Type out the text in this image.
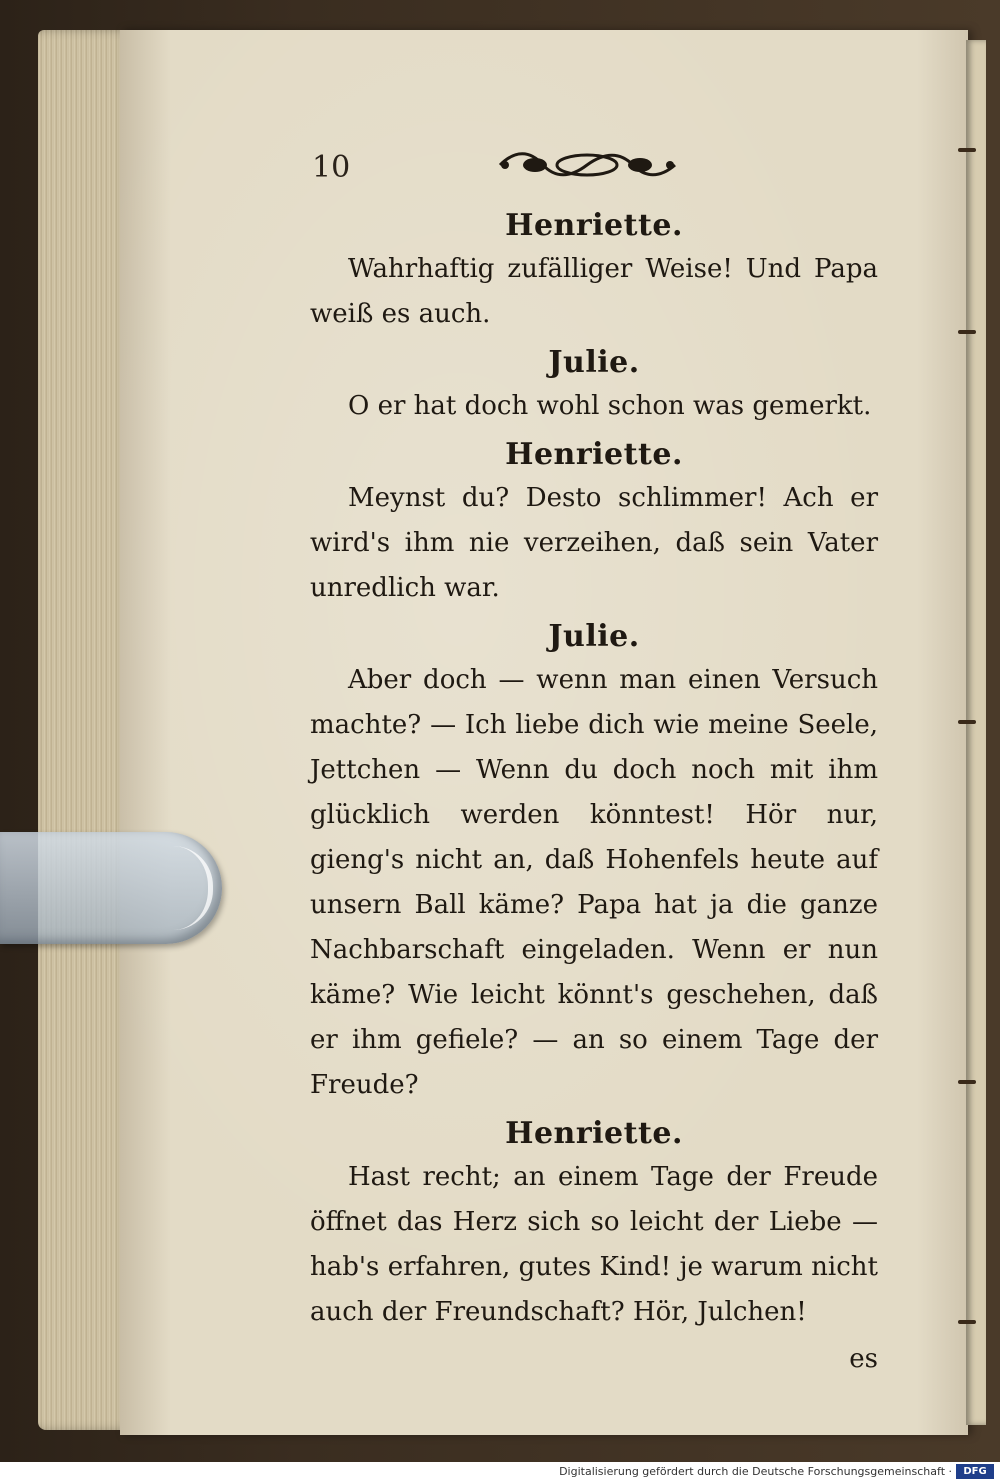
10
Henriette.

Wahrhaftig zufälliger Weise! Und Papa weiß es auch.

Julie.

O er hat doch wohl schon was gemerkt.

Henriette.

Meynst du? Desto schlimmer! Ach er wird's ihm nie verzeihen, daß sein Vater unredlich war.

Julie.

Aber doch — wenn man einen Versuch machte? — Ich liebe dich wie meine Seele, Jettchen — Wenn du doch noch mit ihm glücklich werden könntest! Hör nur, gieng's nicht an, daß Hohenfels heute auf unsern Ball käme? Papa hat ja die ganze Nachbarschaft eingeladen. Wenn er nun käme? Wie leicht könnt's geschehen, daß er ihm gefiele? — an so einem Tage der Freude?

Henriette.

Hast recht; an einem Tage der Freude öffnet das Herz sich so leicht der Liebe — hab's erfahren, gutes Kind! je warum nicht auch der Freundschaft? Hör, Julchen!

es
Digitalisierung gefördert durch die Deutsche Forschungsgemeinschaft ·	DFG
